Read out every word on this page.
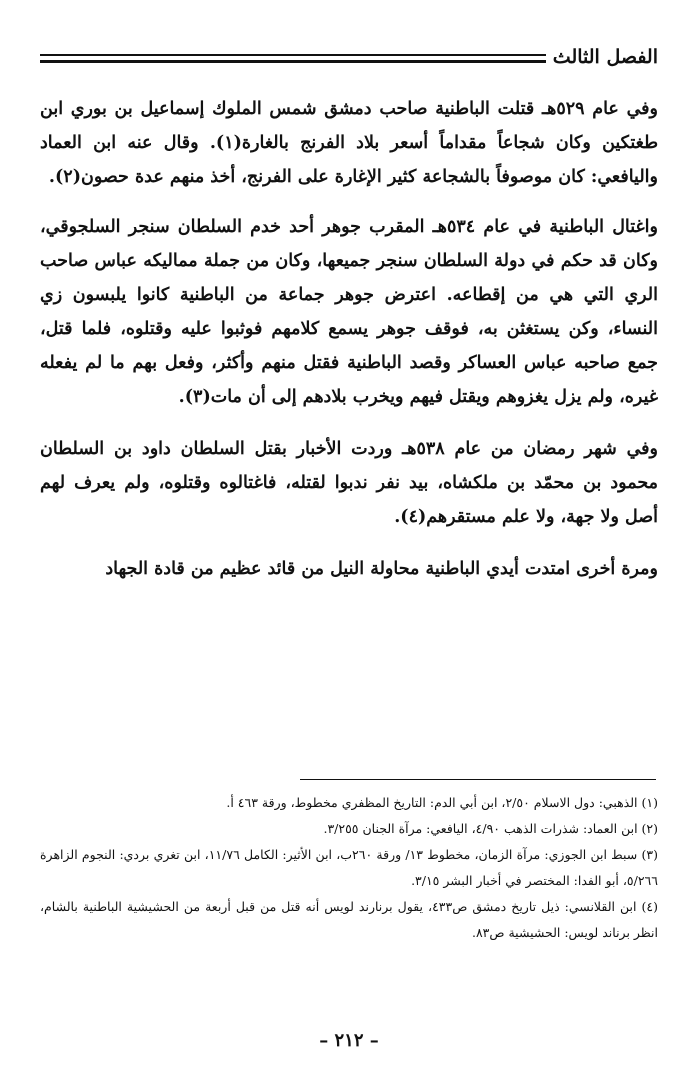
الفصل الثالث

وفي عام ٥٢٩هـ قتلت الباطنية صاحب دمشق شمس الملوك إسماعيل بن بوري ابن طغتكين وكان شجاعاً مقداماً أسعر بلاد الفرنج بالغارة(١). وقال عنه ابن العماد واليافعي: كان موصوفاً بالشجاعة كثير الإغارة على الفرنج، أخذ منهم عدة حصون(٢).

واغتال الباطنية في عام ٥٣٤هـ المقرب جوهر أحد خدم السلطان سنجر السلجوقي، وكان قد حكم في دولة السلطان سنجر جميعها، وكان من جملة مماليكه عباس صاحب الري التي هي من إقطاعه. اعترض جوهر جماعة من الباطنية كانوا يلبسون زي النساء، وكن يستغثن به، فوقف جوهر يسمع كلامهم فوثبوا عليه وقتلوه، فلما قتل، جمع صاحبه عباس العساكر وقصد الباطنية فقتل منهم وأكثر، وفعل بهم ما لم يفعله غيره، ولم يزل يغزوهم ويقتل فيهم ويخرب بلادهم إلى أن مات(٣).

وفي شهر رمضان من عام ٥٣٨هـ وردت الأخبار بقتل السلطان داود بن السلطان محمود بن محمّد بن ملكشاه، بيد نفر ندبوا لقتله، فاغتالوه وقتلوه، ولم يعرف لهم أصل ولا جهة، ولا علم مستقرهم(٤).

ومرة أخرى امتدت أيدي الباطنية محاولة النيل من قائد عظيم من قادة الجهاد

(١) الذهبي: دول الاسلام ٢/٥٠، ابن أبي الدم: التاريخ المظفري مخطوط، ورقة ٤٦٣ أ.

(٢) ابن العماد: شذرات الذهب ٤/٩٠، اليافعي: مرآة الجنان ٣/٢٥٥.

(٣) سبط ابن الجوزي: مرآة الزمان، مخطوط ١٣/ ورقة ٢٦٠ب، ابن الأثير: الكامل ١١/٧٦، ابن تغري بردي: النجوم الزاهرة ٥/٢٦٦، أبو الفدا: المختصر في أخبار البشر ٣/١٥.

(٤) ابن القلانسي: ذيل تاريخ دمشق ص٤٣٣، يقول برنارند لويس أنه قتل من قبل أربعة من الحشيشية الباطنية بالشام، انظر برناند لويس: الحشيشية ص٨٣.

– ٢١٢ –
